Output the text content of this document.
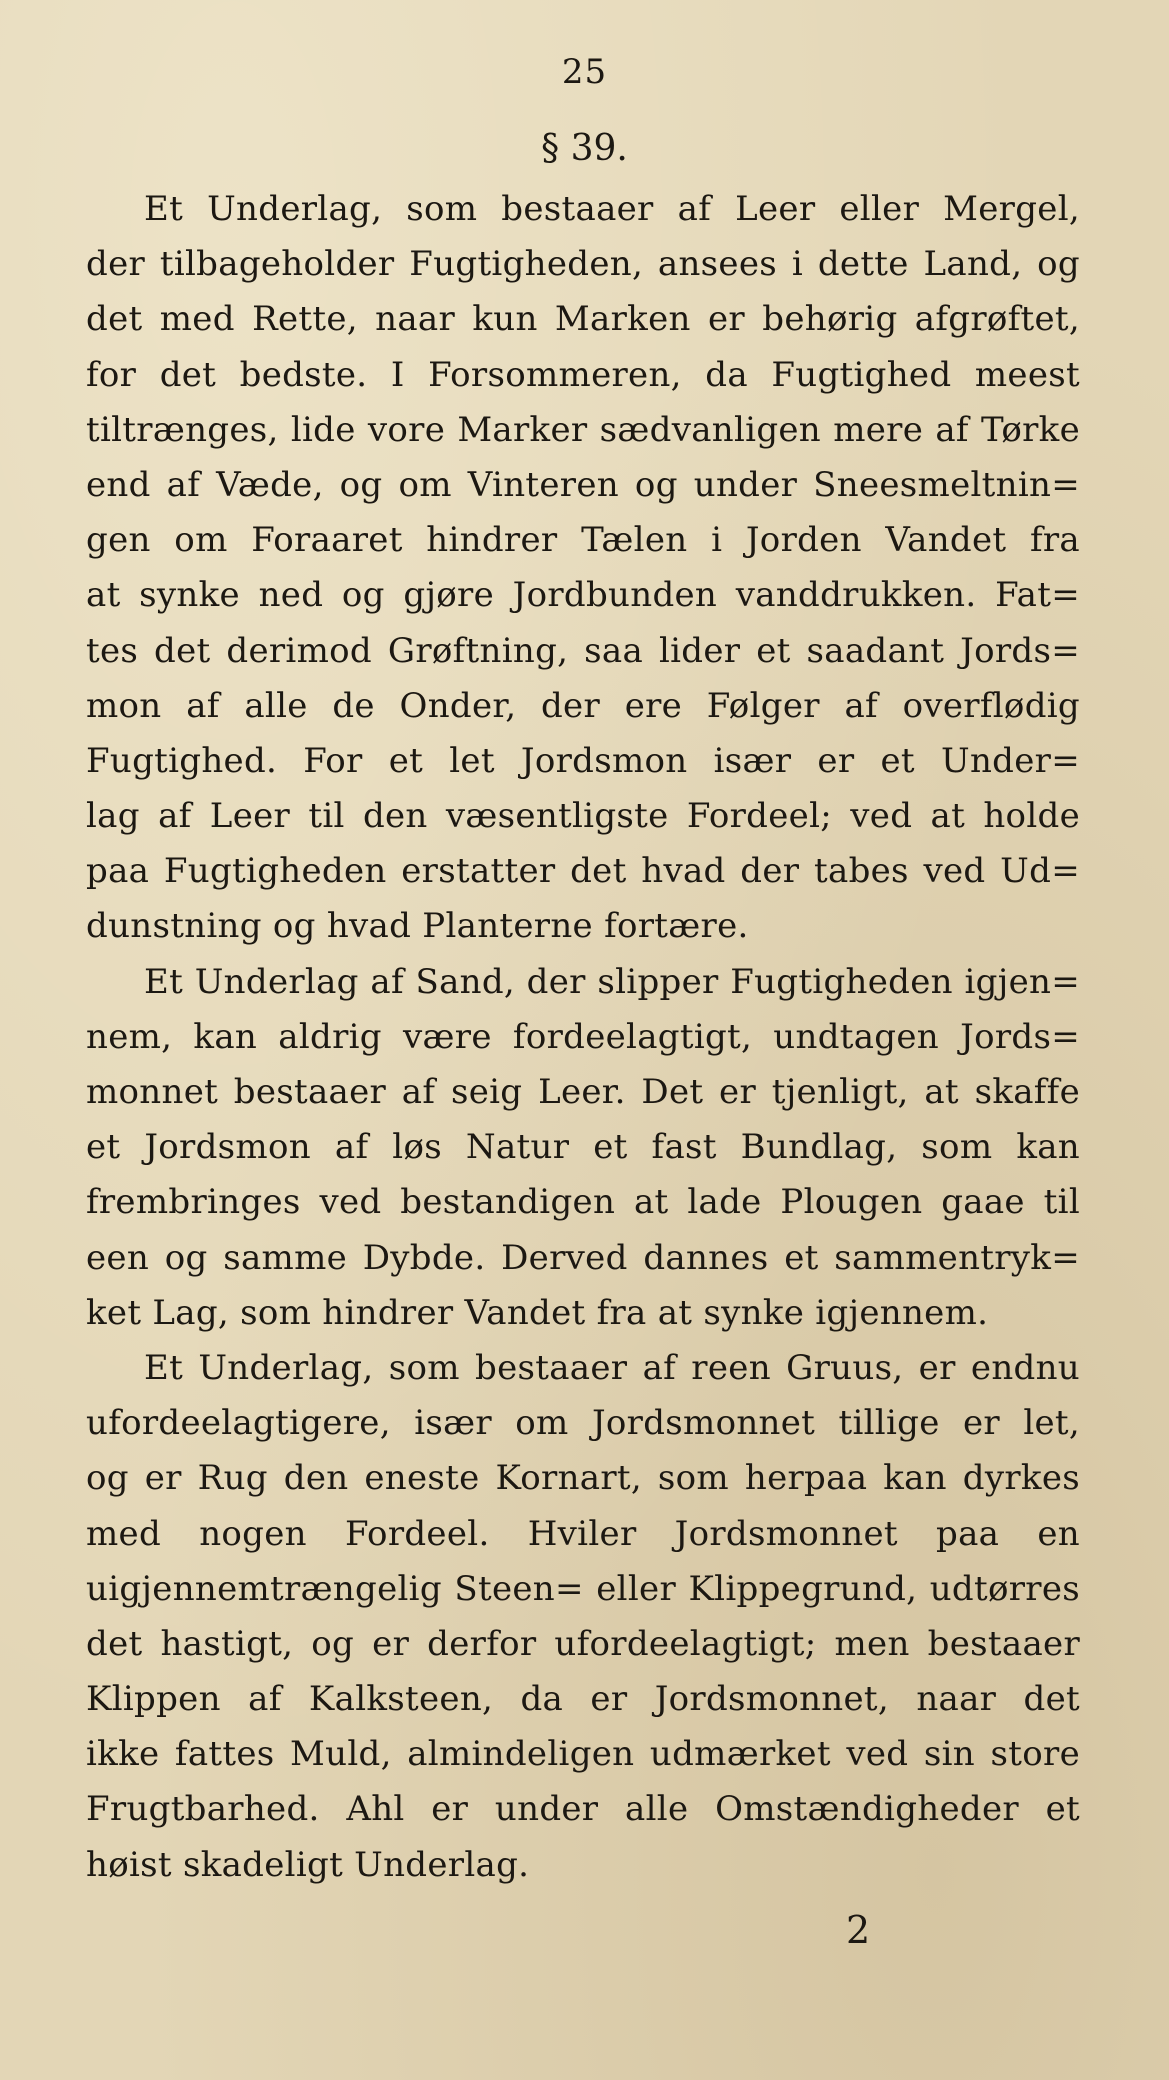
25
§ 39.
Et Underlag, som bestaaer af Leer eller Mergel,
der tilbageholder Fugtigheden, ansees i dette Land, og
det med Rette, naar kun Marken er behørig afgrøftet,
for det bedste. I Forsommeren, da Fugtighed meest
tiltrænges, lide vore Marker sædvanligen mere af Tørke
end af Væde, og om Vinteren og under Sneesmeltnin=
gen om Foraaret hindrer Tælen i Jorden Vandet fra
at synke ned og gjøre Jordbunden vanddrukken. Fat=
tes det derimod Grøftning, saa lider et saadant Jords=
mon af alle de Onder, der ere Følger af overflødig
Fugtighed. For et let Jordsmon især er et Under=
lag af Leer til den væsentligste Fordeel; ved at holde
paa Fugtigheden erstatter det hvad der tabes ved Ud=
dunstning og hvad Planterne fortære.
Et Underlag af Sand, der slipper Fugtigheden igjen=
nem, kan aldrig være fordeelagtigt, undtagen Jords=
monnet bestaaer af seig Leer. Det er tjenligt, at skaffe
et Jordsmon af løs Natur et fast Bundlag, som kan
frembringes ved bestandigen at lade Plougen gaae til
een og samme Dybde. Derved dannes et sammentryk=
ket Lag, som hindrer Vandet fra at synke igjennem.
Et Underlag, som bestaaer af reen Gruus, er endnu
ufordeelagtigere, især om Jordsmonnet tillige er let,
og er Rug den eneste Kornart, som herpaa kan dyrkes
med nogen Fordeel. Hviler Jordsmonnet paa en
uigjennemtrængelig Steen= eller Klippegrund, udtørres
det hastigt, og er derfor ufordeelagtigt; men bestaaer
Klippen af Kalksteen, da er Jordsmonnet, naar det
ikke fattes Muld, almindeligen udmærket ved sin store
Frugtbarhed. Ahl er under alle Omstændigheder et
høist skadeligt Underlag.
2
